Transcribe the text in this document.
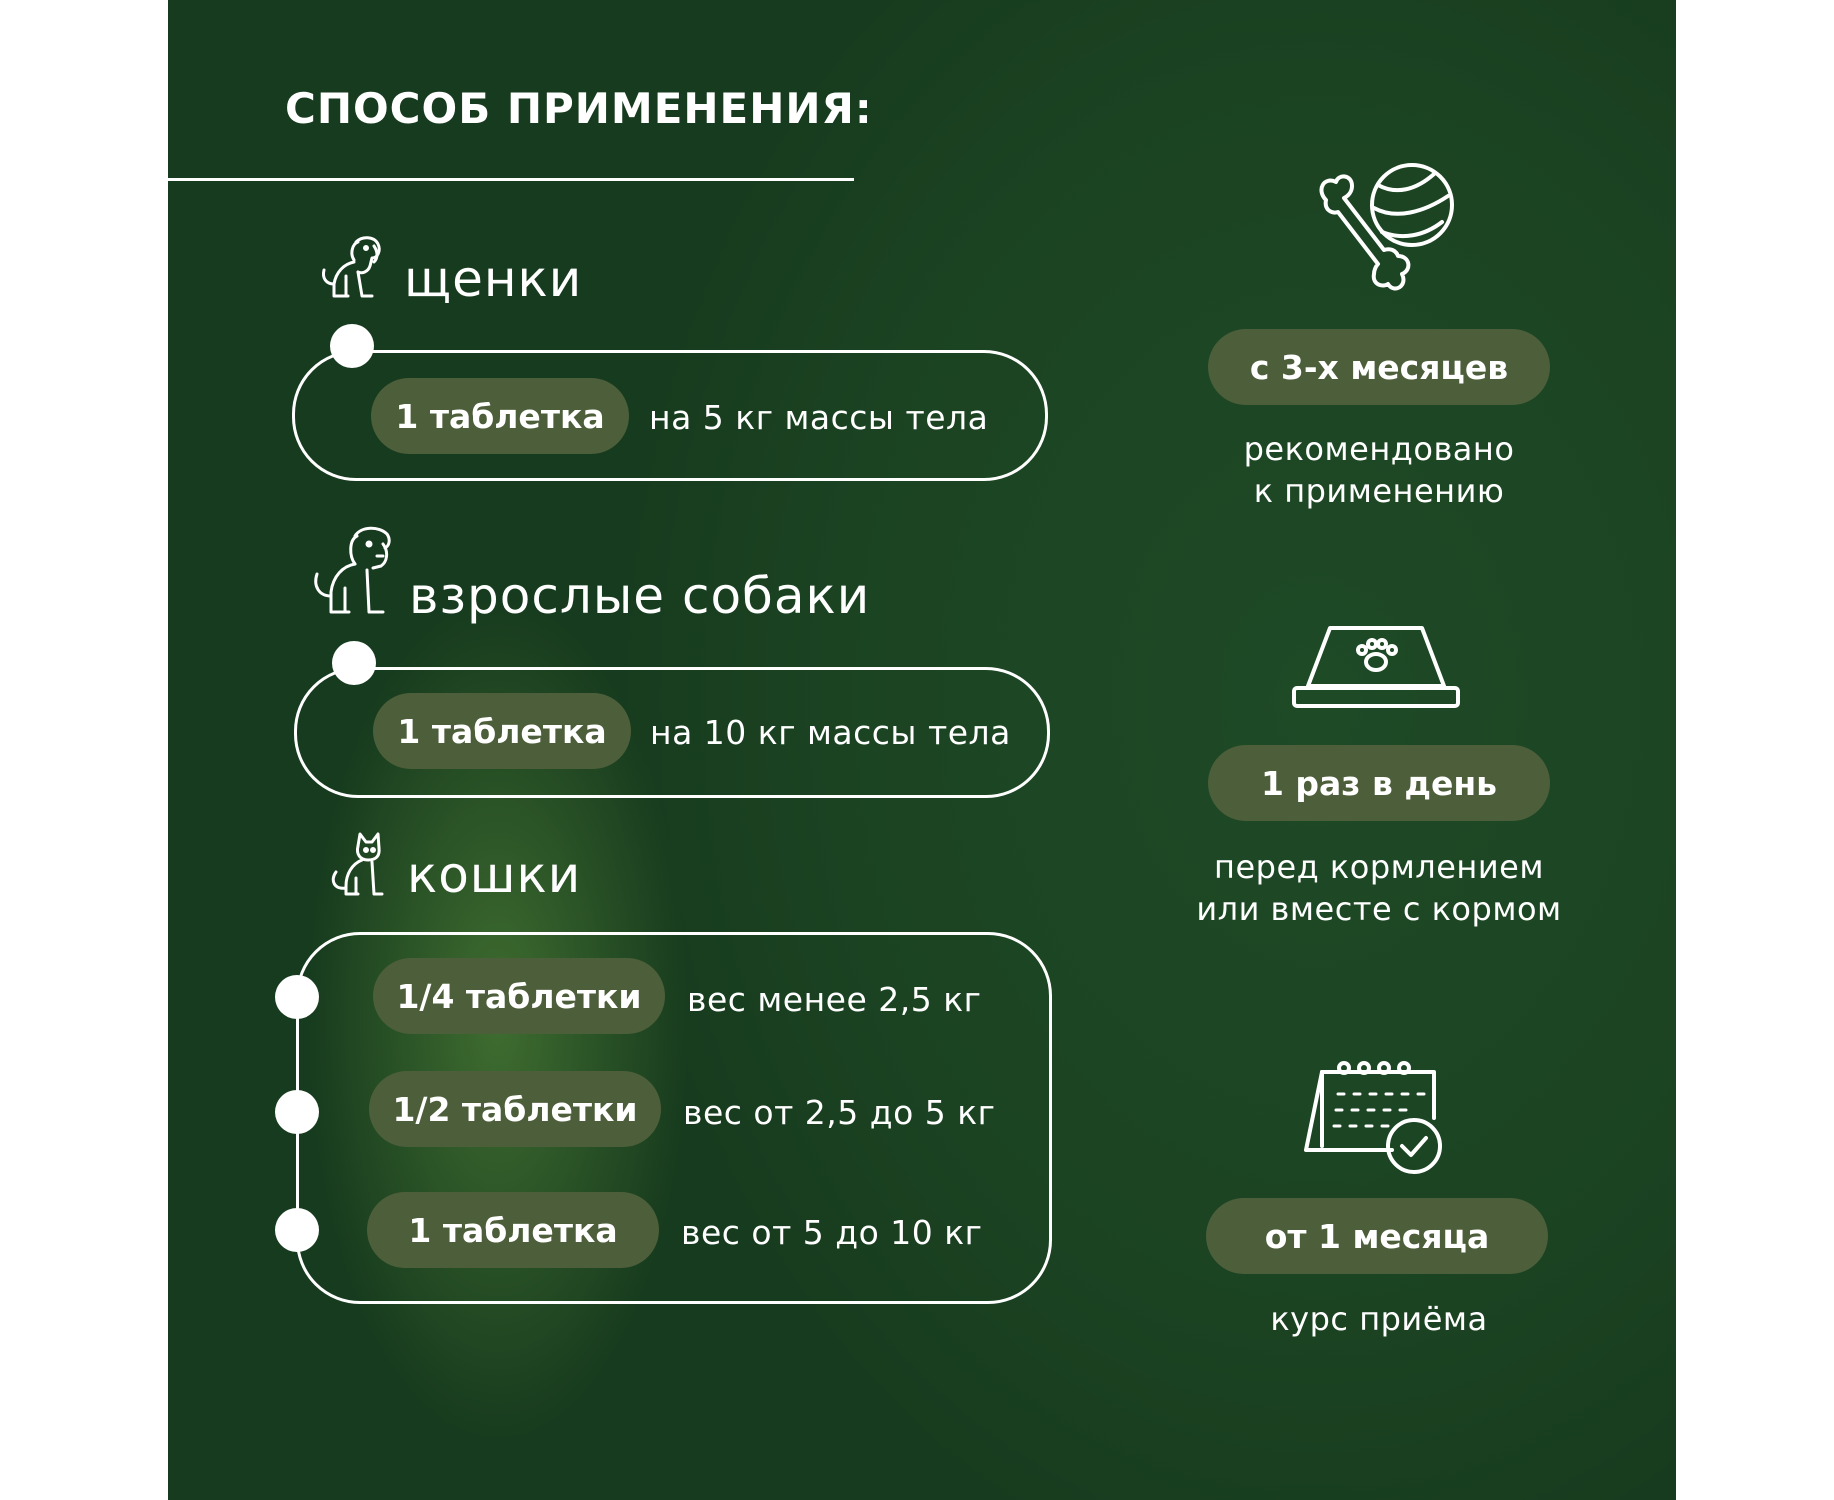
СПОСОБ ПРИМЕНЕНИЯ:
щенки
1 таблетка	на 5 кг массы тела
взрослые собаки
1 таблетка	на 10 кг массы тела
кошки
1/4 таблетки	вес менее 2,5 кг
1/2 таблетки	вес от 2,5 до 5 кг
1 таблетка	вес от 5 до 10 кг
с 3-х месяцев
рекомендовано
к применению
1 раз в день
перед кормлением
или вместе с кормом
от 1 месяца
курс приёма
